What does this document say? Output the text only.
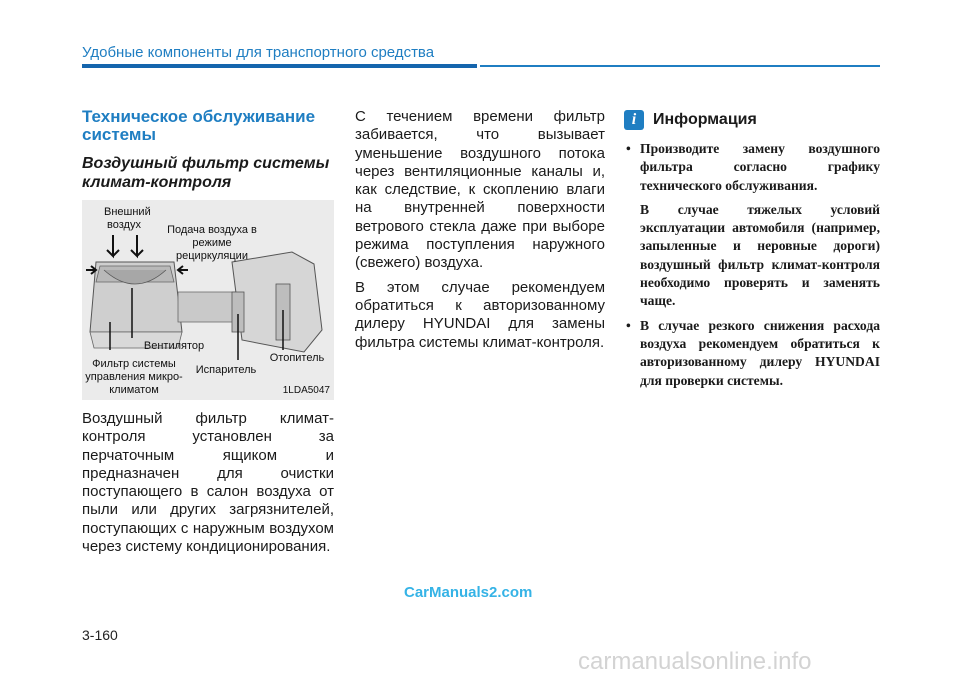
Удобные компоненты для транспортного средства
Техническое обслуживание системы
Воздушный фильтр системы климат-контроля
Внешний воздух	Подача воздуха в режиме рециркуляции
Вентилятор
Фильтр системы управления микро-климатом
Испаритель
Отопитель
1LDA5047

Воздушный фильтр климат-контроля установлен за перчаточным ящиком и предназначен для очистки поступающего в салон воздуха от пыли или других загрязнителей, поступающих с наружным воздухом через систему кондиционирования.

С течением времени фильтр забивается, что вызывает уменьшение воздушного потока через вентиляционные каналы и, как следствие, к скоплению влаги на внутренней поверхности ветрового стекла даже при выборе режима поступления наружного (свежего) воздуха.

В этом случае рекомендуем обратиться к авторизованному дилеру HYUNDAI для замены фильтра системы климат-контроля.

i	Информация
• Производите замену воздушного фильтра согласно графику технического обслуживания.
В случае тяжелых условий эксплуатации автомобиля (например, запыленные и неровные дороги) воздушный фильтр климат-контроля необходимо проверять и заменять чаще.
• В случае резкого снижения расхода воздуха рекомендуем обратиться к авторизованному дилеру HYUNDAI для проверки системы.
CarManuals2.com
3-160
carmanualsonline.info
